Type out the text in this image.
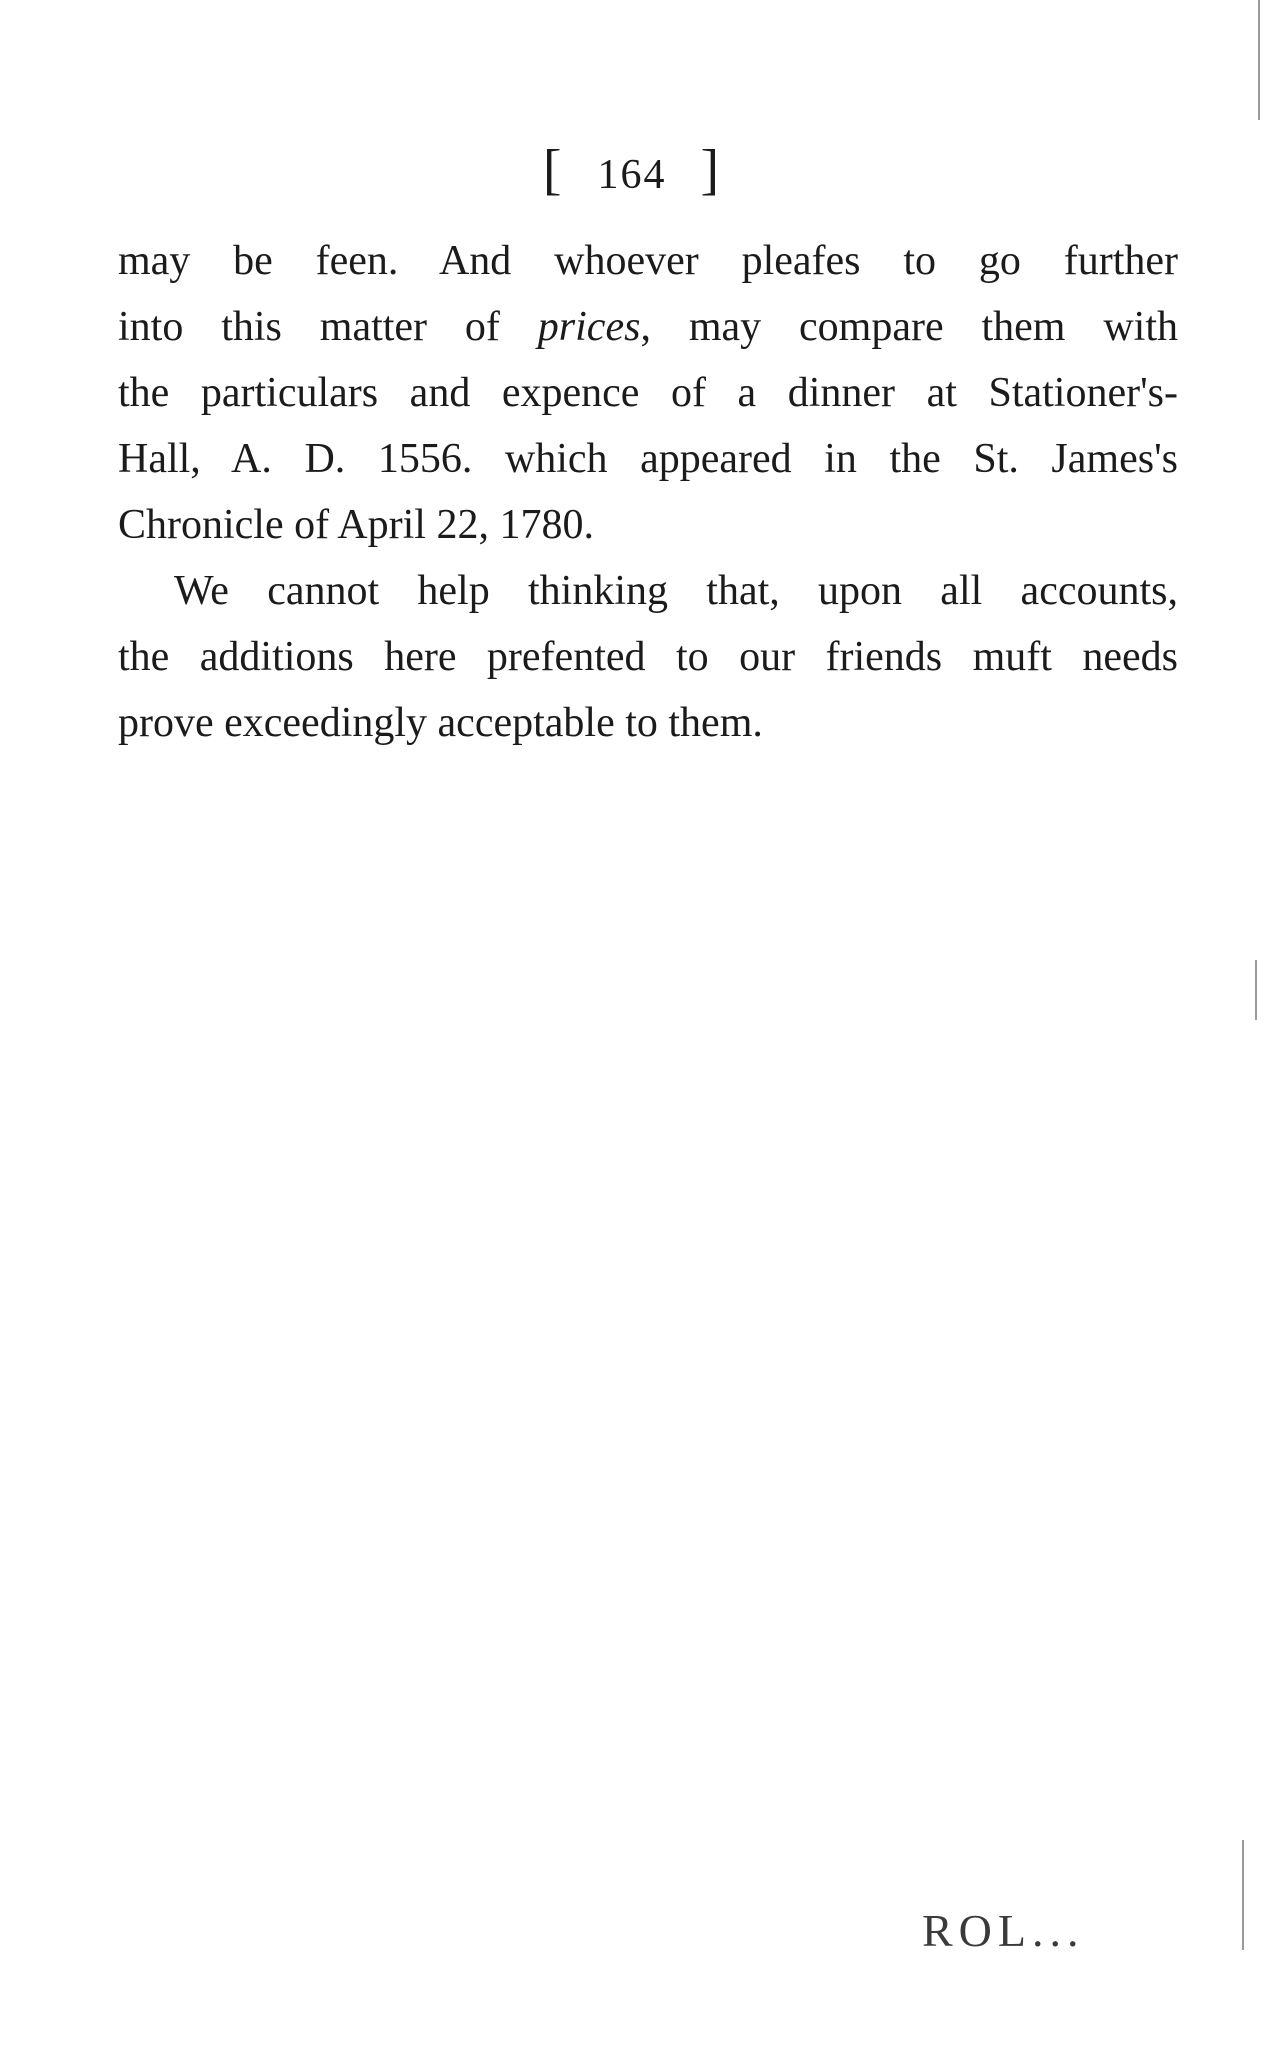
[ 164 ]
may be feen. And whoever pleafes to go further
into this matter of prices, may compare them with
the particulars and expence of a dinner at Stationer's-
Hall, A. D. 1556. which appeared in the St. James's
Chronicle of April 22, 1780.
We cannot help thinking that, upon all accounts,
the additions here prefented to our friends muft needs
prove exceedingly acceptable to them.
ROL...
